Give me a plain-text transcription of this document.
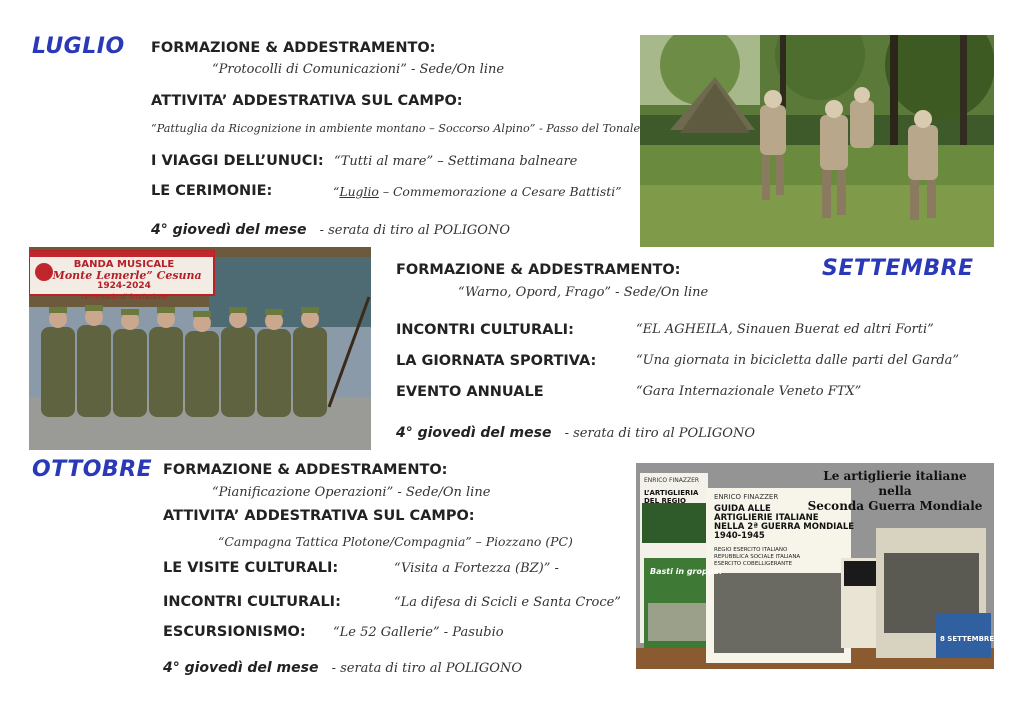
LUGLIO FORMAZIONE & ADDESTRAMENTO:
“Protocolli di Comunicazioni” - Sede/On line
ATTIVITA’ ADDESTRATIVA SUL CAMPO:
“Pattuglia da Ricognizione in ambiente montano – Soccorso Alpino” - Passo del Tonale
I VIAGGI DELL’UNUCI: “Tutti al mare” – Settimana balneare
LE CERIMONIE:	“Luglio – Commemorazione a Cesare Battisti”
4° giovedì del mese - serata di tiro al POLIGONO
BANDA MUSICALE
“Monte Lemerle” Cesuna
1924-2024
centenario di fondazione
SETTEMBRE
FORMAZIONE & ADDESTRAMENTO:
“Warno, Opord, Frago” - Sede/On line
INCONTRI CULTURALI:	“EL AGHEILA, Sinauen Buerat ed altri Forti”
LA GIORNATA SPORTIVA:	“Una giornata in bicicletta dalle parti del Garda”
EVENTO ANNUALE	“Gara Internazionale Veneto FTX”
4° giovedì del mese - serata di tiro al POLIGONO
OTTOBRE FORMAZIONE & ADDESTRAMENTO:
“Pianificazione Operazioni” - Sede/On line
ATTIVITA’ ADDESTRATIVA SUL CAMPO:
“Campagna Tattica Plotone/Compagnia” – Piozzano (PC)
LE VISITE CULTURALI:	“Visita a Fortezza (BZ)” -
INCONTRI CULTURALI:	“La difesa di Scicli e Santa Croce”
ESCURSIONISMO: “Le 52 Gallerie” - Pasubio
4° giovedì del mese - serata di tiro al POLIGONO
Le artiglierie italiane
nella
Seconda Guerra Mondiale
ENRICO FINAZZER
L’ARTIGLIERIA
DEL REGIO	ENRICO FINAZZER
GUIDA ALLE
ARTIGLIERIE ITALIANE
NELLA 2ª GUERRA MONDIALE
1940-1945
REGIO ESERCITO ITALIANO
REPUBBLICA SOCIALE ITALIANA
ESERCITO COBELLIGERANTE
Basti in groppa!
8 SETTEMBRE
